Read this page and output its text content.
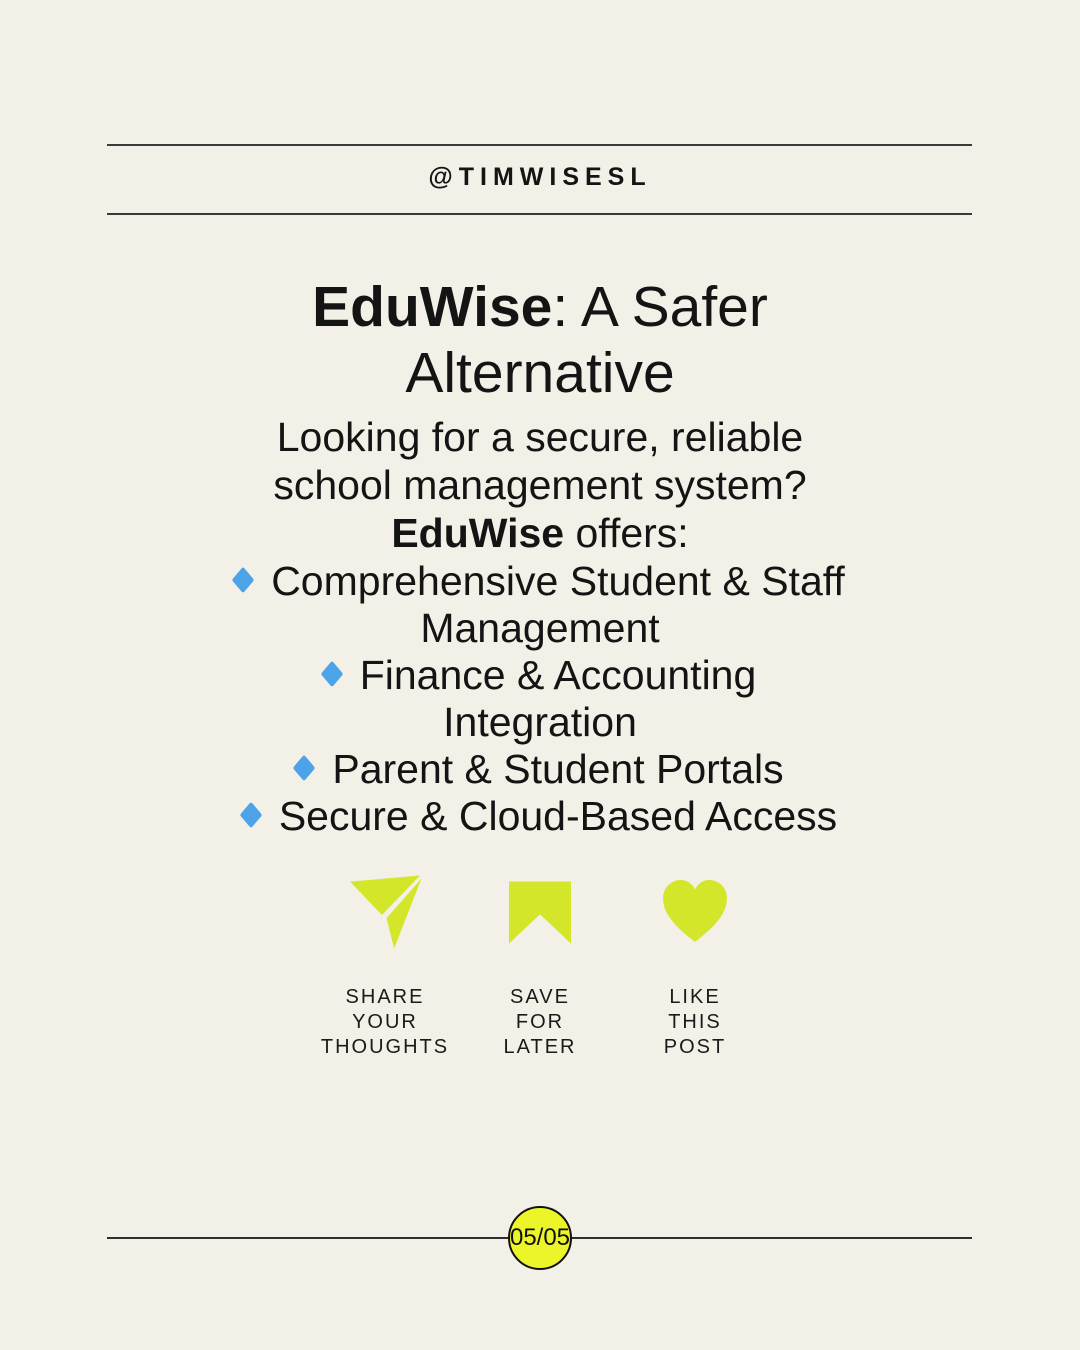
@TIMWISESL
EduWise: A Safer
Alternative
Looking for a secure, reliable
school management system?
EduWise offers:
Comprehensive Student & Staff
Management
Finance & Accounting
Integration
Parent & Student Portals
Secure & Cloud-Based Access
SHARE
YOUR
THOUGHTS
SAVE
FOR
LATER
LIKE
THIS
POST
05/05
